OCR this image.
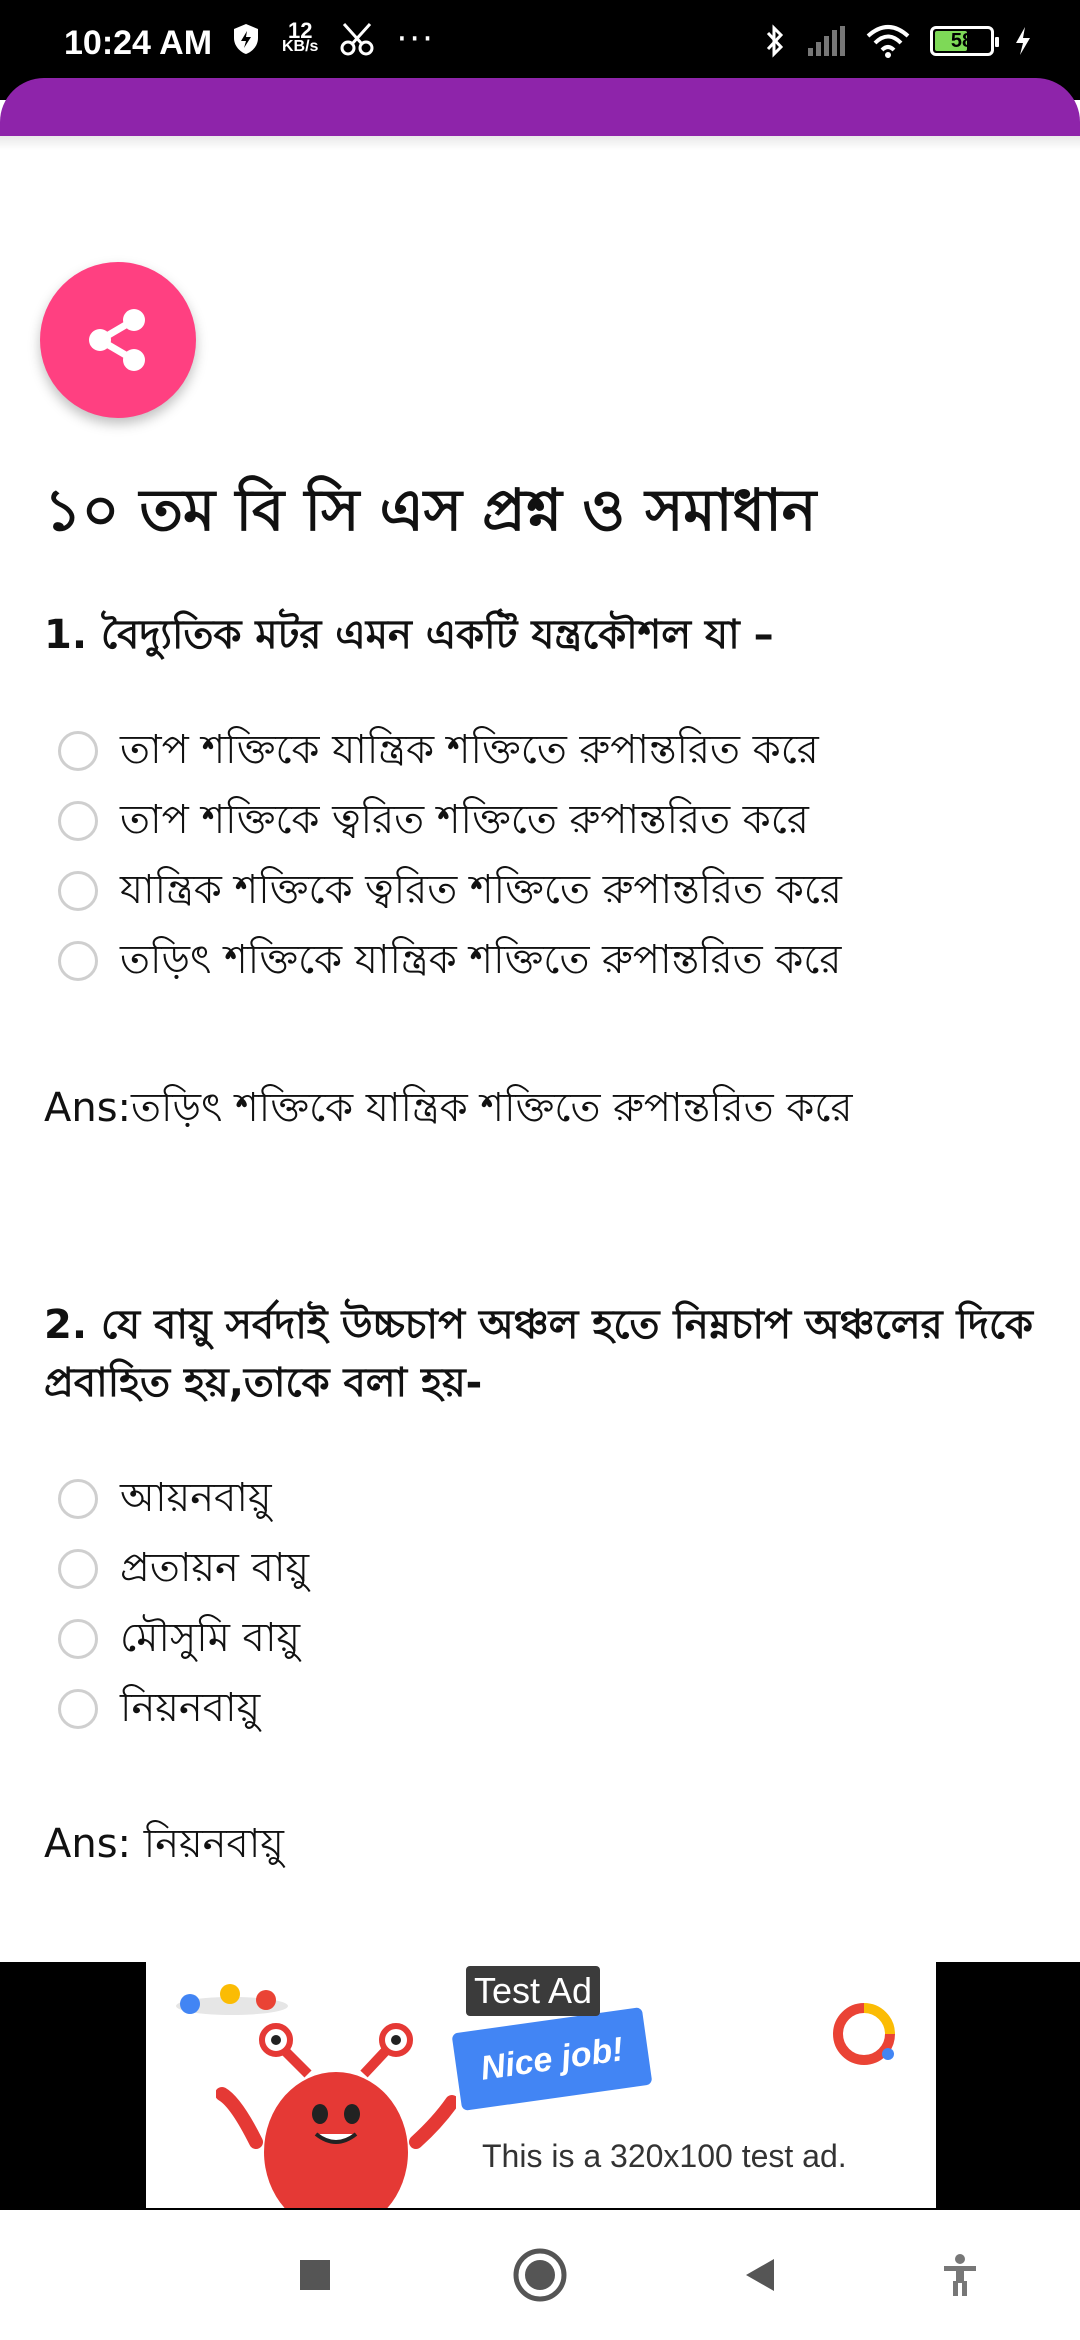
10:24 AM	12
KB/s ···	58
১০ তম বি সি এস প্রশ্ন ও সমাধান

1. বৈদ্যুতিক মটর এমন একটি যন্ত্রকৌশল যা –

তাপ শক্তিকে যান্ত্রিক শক্তিতে রুপান্তরিত করে
তাপ শক্তিকে ত্বরিত শক্তিতে রুপান্তরিত করে
যান্ত্রিক শক্তিকে ত্বরিত শক্তিতে রুপান্তরিত করে
তড়িৎ শক্তিকে যান্ত্রিক শক্তিতে রুপান্তরিত করে
Ans:তড়িৎ শক্তিকে যান্ত্রিক শক্তিতে রুপান্তরিত করে

2. যে বায়ু সর্বদাই উচ্চচাপ অঞ্চল হতে নিম্নচাপ অঞ্চলের দিকে প্রবাহিত হয়,তাকে বলা হয়-

আয়নবায়ু
প্রতায়ন বায়ু
মৌসুমি বায়ু
নিয়নবায়ু
Ans: নিয়নবায়ু
Nice job!
Test Ad
This is a 320x100 test ad.
